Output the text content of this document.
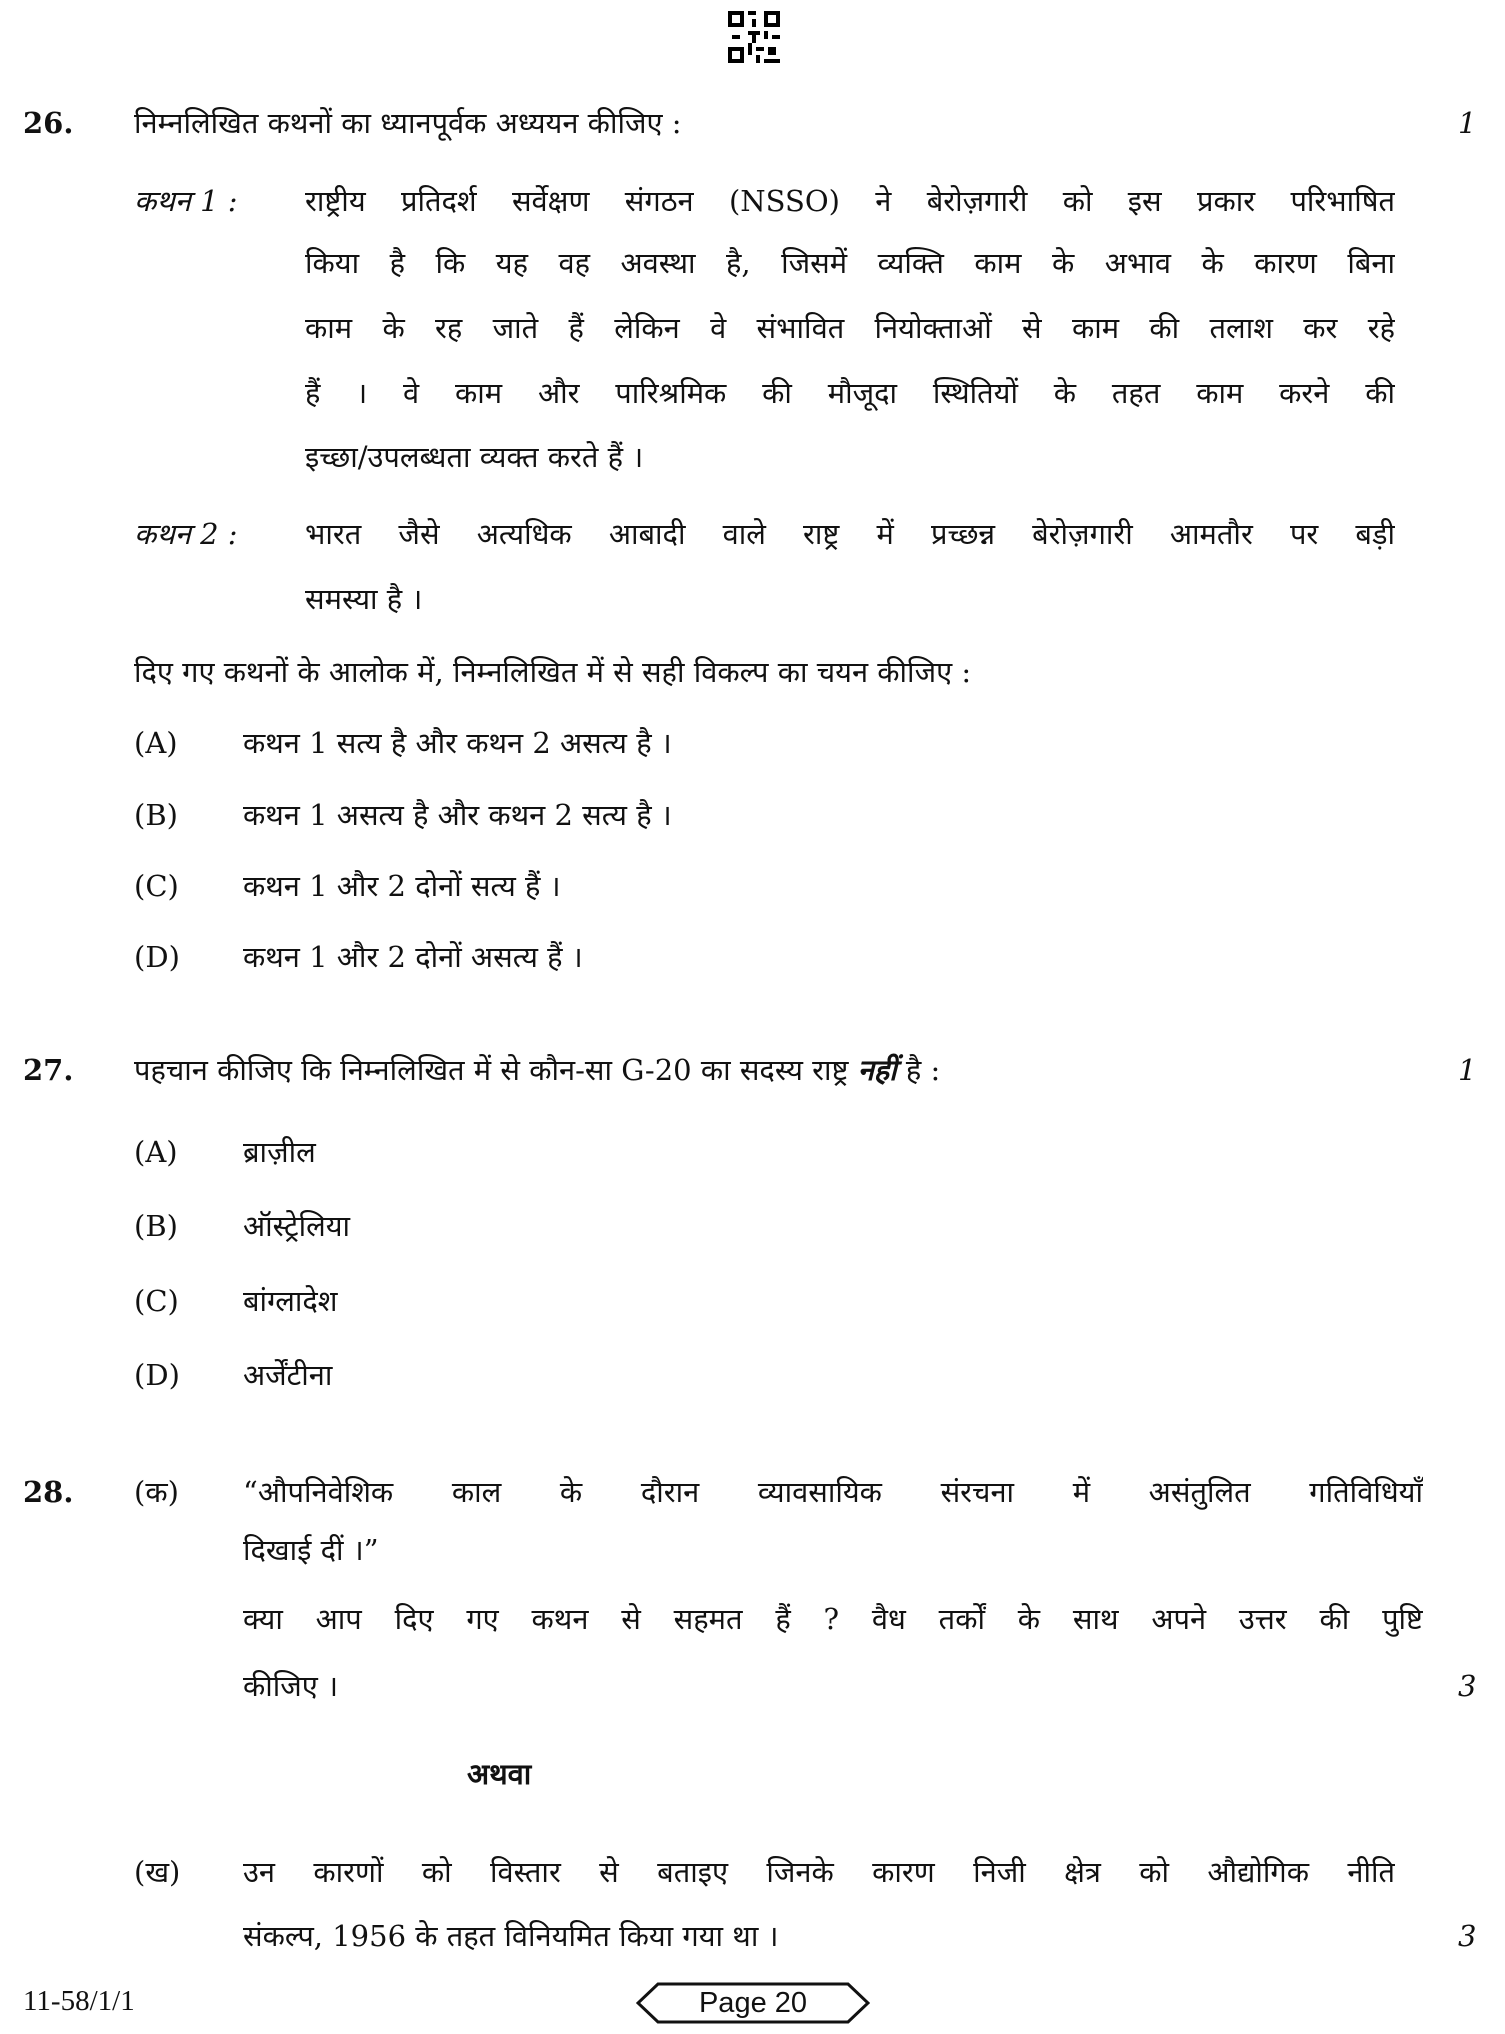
26. निम्नलिखित कथनों का ध्यानपूर्वक अध्ययन कीजिए :	1
कथन 1 : राष्ट्रीय प्रतिदर्श सर्वेक्षण संगठन (NSSO) ने बेरोज़गारी को इस प्रकार परिभाषित
किया है कि यह वह अवस्था है, जिसमें व्यक्ति काम के अभाव के कारण बिना
काम के रह जाते हैं लेकिन वे संभावित नियोक्ताओं से काम की तलाश कर रहे
हैं । वे काम और पारिश्रमिक की मौजूदा स्थितियों के तहत काम करने की
इच्छा/उपलब्धता व्यक्त करते हैं ।
कथन 2 : भारत जैसे अत्यधिक आबादी वाले राष्ट्र में प्रच्छन्न बेरोज़गारी आमतौर पर बड़ी
समस्या है ।
दिए गए कथनों के आलोक में, निम्नलिखित में से सही विकल्प का चयन कीजिए :
(A) कथन 1 सत्य है और कथन 2 असत्य है ।
(B) कथन 1 असत्य है और कथन 2 सत्य है ।
(C) कथन 1 और 2 दोनों सत्य हैं ।
(D) कथन 1 और 2 दोनों असत्य हैं ।
27. पहचान कीजिए कि निम्नलिखित में से कौन-सा G-20 का सदस्य राष्ट्र नहीं है :	1
(A) ब्राज़ील
(B) ऑस्ट्रेलिया
(C) बांग्लादेश
(D) अर्जेंटीना
28. (क) “औपनिवेशिक काल के दौरान व्यावसायिक संरचना में असंतुलित गतिविधियाँ
दिखाई दीं ।”
क्या आप दिए गए कथन से सहमत हैं ? वैध तर्कों के साथ अपने उत्तर की पुष्टि
कीजिए ।	3
अथवा
(ख) उन कारणों को विस्तार से बताइए जिनके कारण निजी क्षेत्र को औद्योगिक नीति
संकल्प, 1956 के तहत विनियमित किया गया था ।	3
11-58/1/1	Page 20
